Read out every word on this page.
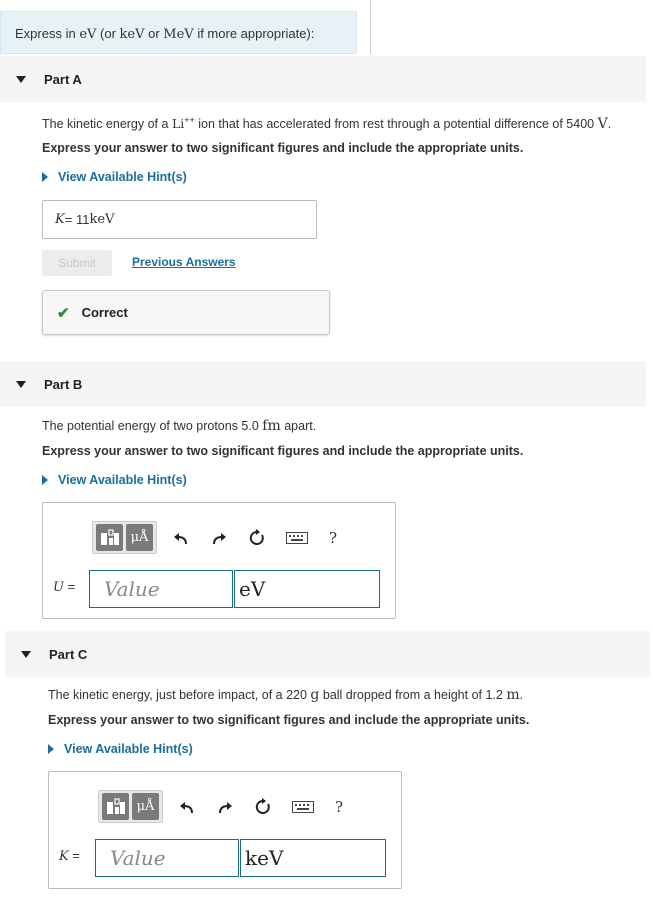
Express in eV (or keV or MeV if more appropriate):
Part A
The kinetic energy of a Li++ ion that has accelerated from rest through a potential difference of 5400 V.
Express your answer to two significant figures and include the appropriate units.
View Available Hint(s)
K =
11 keV
Submit	Previous Answers
✔ Correct
Part B
The potential energy of two protons 5.0 fm apart.
Express your answer to two significant figures and include the appropriate units.
View Available Hint(s)
μÅ	?
U =	Value	eV
Part C
The kinetic energy, just before impact, of a 220 g ball dropped from a height of 1.2 m.
Express your answer to two significant figures and include the appropriate units.
View Available Hint(s)
μÅ	?
K =	Value	keV
